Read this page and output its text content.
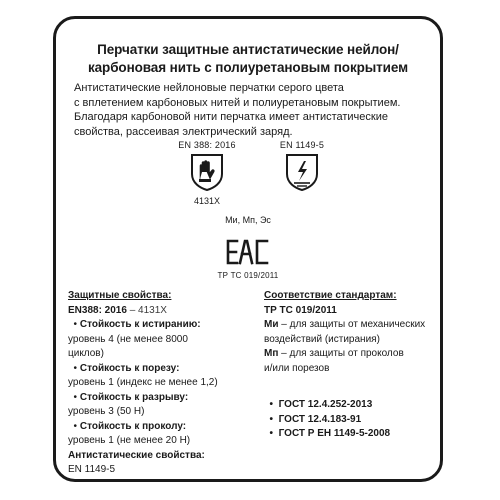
Перчатки защитные антистатические нейлон/
карбоновая нить с полиуретановым покрытием
Антистатические нейлоновые перчатки серого цвета
с вплетением карбоновых нитей и полиуретановым покрытием.
Благодаря карбоновой нити перчатка имеет антистатические
свойства, рассеивая электрический заряд.
EN 388: 2016
4131X
EN 1149-5
Ми, Мп, Эс
ТР ТС 019/2011
Защитные свойства:
EN388: 2016 – 4131X
• Стойкость к истиранию:
уровень 4 (не менее 8000
циклов)
• Стойкость к порезу:
уровень 1 (индекс не менее 1,2)
• Стойкость к разрыву:
уровень 3 (50 Н)
• Стойкость к проколу:
уровень 1 (не менее 20 Н)
Антистатические свойства:
EN 1149-5
Соответствие стандартам:
ТР ТС 019/2011
Ми – для защиты от механических
воздействий (истирания)
Мп – для защиты от проколов
и/или порезов
•  ГОСТ 12.4.252-2013
•  ГОСТ 12.4.183-91
•  ГОСТ Р ЕН 1149-5-2008
